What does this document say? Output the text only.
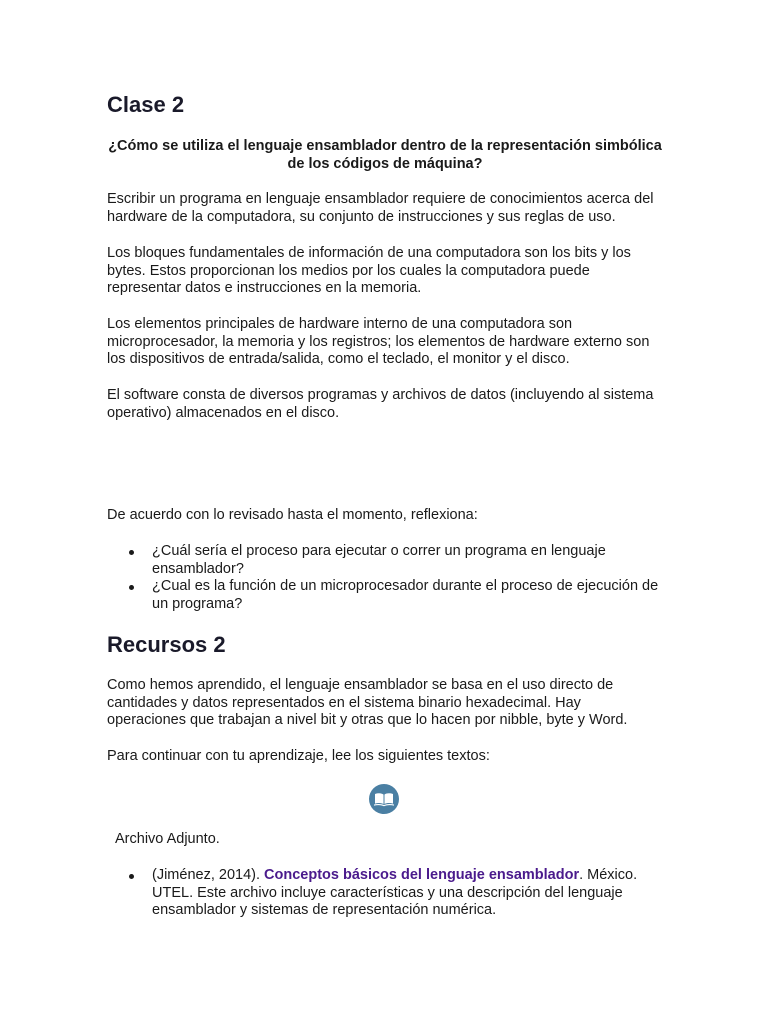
Clase 2
¿Cómo se utiliza el lenguaje ensamblador dentro de la representación simbólica de los códigos de máquina?

Escribir un programa en lenguaje ensamblador requiere de conocimientos acerca del hardware de la computadora, su conjunto de instrucciones y sus reglas de uso.

Los bloques fundamentales de información de una computadora son los bits y los bytes. Estos proporcionan los medios por los cuales la computadora puede representar datos e instrucciones en la memoria.

Los elementos principales de hardware interno de una computadora son microprocesador, la memoria y los registros; los elementos de hardware externo son los dispositivos de entrada/salida, como el teclado, el monitor y el disco.

El software consta de diversos programas y archivos de datos (incluyendo al sistema operativo) almacenados en el disco.

De acuerdo con lo revisado hasta el momento, reflexiona:

¿Cuál sería el proceso para ejecutar o correr un programa en lenguaje ensamblador?
¿Cual es la función de un microprocesador durante el proceso de ejecución de un programa?
Recursos 2

Como hemos aprendido, el lenguaje ensamblador se basa en el uso directo de cantidades y datos representados en el sistema binario hexadecimal. Hay operaciones que trabajan a nivel bit y otras que lo hacen por nibble, byte y Word.

Para continuar con tu aprendizaje, lee los siguientes textos:

Archivo Adjunto.

(Jiménez, 2014). Conceptos básicos del lenguaje ensamblador. México. UTEL. Este archivo incluye características y una descripción del lenguaje ensamblador y sistemas de representación numérica.
